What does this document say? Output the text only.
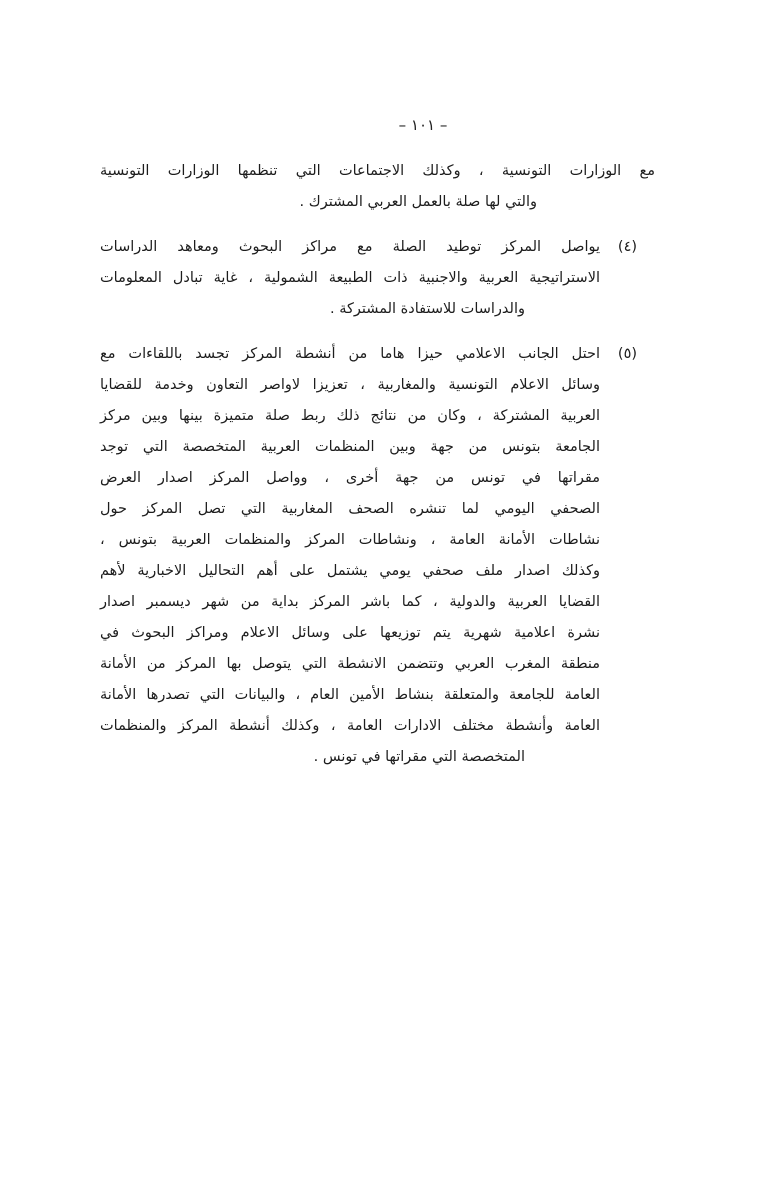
– ١٠١ –
مع الوزارات التونسية ، وكذلك الاجتماعات التي تنظمها الوزارات التونسية
والتي لها صلة بالعمل العربي المشترك .
(٤)
يواصل المركز توطيد الصلة مع مراكز البحوث ومعاهد الدراسات
الاستراتيجية العربية والاجنبية ذات الطبيعة الشمولية ، غاية تبادل المعلومات
والدراسات للاستفادة المشتركة .
(٥)
احتل الجانب الاعلامي حيزا هاما من أنشطة المركز تجسد باللقاءات مع
وسائل الاعلام التونسية والمغاربية ، تعزيزا لاواصر التعاون وخدمة للقضايا
العربية المشتركة ، وكان من نتائج ذلك ربط صلة متميزة بينها وبين مركز
الجامعة بتونس من جهة وبين المنظمات العربية المتخصصة التي توجد
مقراتها في تونس من جهة أخرى ، وواصل المركز اصدار العرض
الصحفي اليومي لما تنشره الصحف المغاربية التي تصل المركز حول
نشاطات الأمانة العامة ، ونشاطات المركز والمنظمات العربية بتونس ،
وكذلك اصدار ملف صحفي يومي يشتمل على أهم التحاليل الاخبارية لأهم
القضايا العربية والدولية ، كما باشر المركز بداية من شهر ديسمبر اصدار
نشرة اعلامية شهرية يتم توزيعها على وسائل الاعلام ومراكز البحوث في
منطقة المغرب العربي وتتضمن الانشطة التي يتوصل بها المركز من الأمانة
العامة للجامعة والمتعلقة بنشاط الأمين العام ، والبيانات التي تصدرها الأمانة
العامة وأنشطة مختلف الادارات العامة ، وكذلك أنشطة المركز والمنظمات
المتخصصة التي مقراتها في تونس .
